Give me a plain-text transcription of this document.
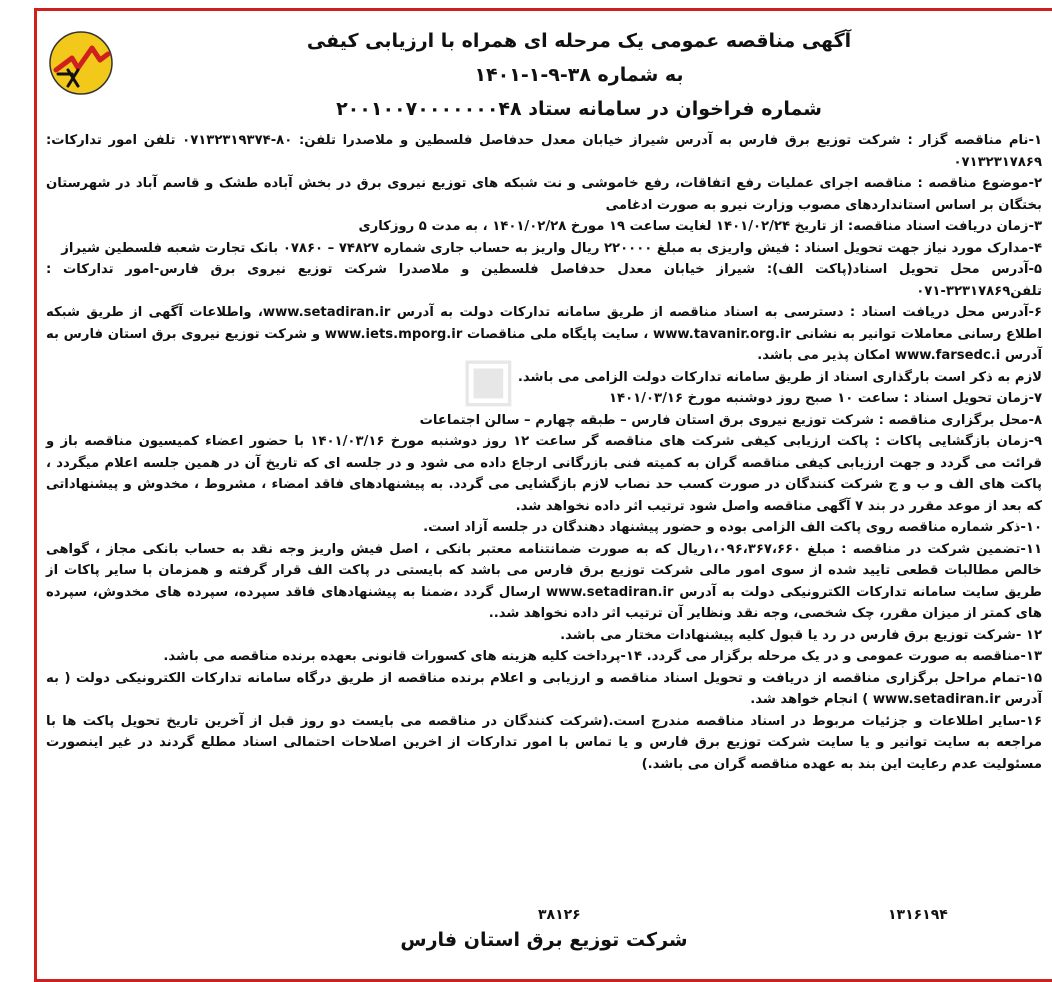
آگهی مناقصه عمومی یک مرحله ای همراه با ارزیابی کیفی
به شماره ۳۸-۹-۱-۱۴۰۱
شماره فراخوان در سامانه ستاد ۲۰۰۱۰۰۷۰۰۰۰۰۰۰۴۸
▣

۱-نام مناقصه گزار : شرکت توزیع برق فارس به آدرس شیراز خیابان معدل حدفاصل فلسطین و ملاصدرا تلفن: ۸۰-۰۷۱۳۲۳۱۹۳۷۴ تلفن امور تدارکات: ۰۷۱۳۲۳۱۷۸۶۹

۲-موضوع مناقصه : مناقصه اجرای عملیات رفع اتفاقات، رفع خاموشی و نت شبکه های توزیع نیروی برق در بخش آباده طشک و قاسم آباد در شهرستان بختگان بر اساس استانداردهای مصوب وزارت نیرو به صورت ادغامی

۳-زمان دریافت اسناد مناقصه: از تاریخ ۱۴۰۱/۰۲/۲۴ لغایت ساعت ۱۹ مورخ ۱۴۰۱/۰۲/۲۸ ، به مدت ۵ روزکاری

۴-مدارک مورد نیاز جهت تحویل اسناد : فیش واریزی به مبلغ ۲۲۰۰۰۰ ریال واریز به حساب جاری شماره ۷۴۸۲۷ – ۰۷۸۶۰ بانک تجارت شعبه فلسطین شیراز

۵-آدرس محل تحویل اسناد(پاکت الف): شیراز خیابان معدل حدفاصل فلسطین و ملاصدرا شرکت توزیع نیروی برق فارس-امور تدارکات : تلفن۳۲۳۱۷۸۶۹-۰۷۱

۶-آدرس محل دریافت اسناد : دسترسی به اسناد مناقصه از طریق سامانه تدارکات دولت به آدرس www.setadiran.ir، واطلاعات آگهی از طریق شبکه اطلاع رسانی معاملات توانیر به نشانی www.tavanir.org.ir ، سایت پایگاه ملی مناقصات www.iets.mporg.ir و شرکت توزیع نیروی برق استان فارس به آدرس www.farsedc.i امکان پذیر می باشد.

لازم به ذکر است بارگذاری اسناد از طریق سامانه تدارکات دولت الزامی می باشد.

۷-زمان تحویل اسناد : ساعت ۱۰ صبح روز دوشنبه مورخ ۱۴۰۱/۰۳/۱۶

۸-محل برگزاری مناقصه : شرکت توزیع نیروی برق استان فارس – طبقه چهارم – سالن اجتماعات

۹-زمان بازگشایی پاکات : پاکت ارزیابی کیفی شرکت های مناقصه گر ساعت ۱۲ روز دوشنبه مورخ ۱۴۰۱/۰۳/۱۶ با حضور اعضاء کمیسیون مناقصه باز و قرائت می گردد و جهت ارزیابی کیفی مناقصه گران به کمیته فنی بازرگانی ارجاع داده می شود و در جلسه ای که تاریخ آن در همین جلسه اعلام میگردد ، پاکت های الف و ب و ج شرکت کنندگان در صورت کسب حد نصاب لازم بازگشایی می گردد. به پیشنهادهای فاقد امضاء ، مشروط ، مخدوش و پیشنهاداتی که بعد از موعد مقرر در بند ۷ آگهی مناقصه واصل شود ترتیب اثر داده نخواهد شد.

۱۰-ذکر شماره مناقصه روی پاکت الف الزامی بوده و حضور پیشنهاد دهندگان در جلسه آزاد است.

۱۱-تضمین شرکت در مناقصه : مبلغ ۱،۰۹۶،۳۶۷،۶۶۰ریال که به صورت ضمانتنامه معتبر بانکی ، اصل فیش واریز وجه نقد به حساب بانکی مجاز ، گواهی خالص مطالبات قطعی تایید شده از سوی امور مالی شرکت توزیع برق فارس می باشد که بایستی در پاکت الف قرار گرفته و همزمان با سایر پاکات از طریق سایت سامانه تدارکات الکترونیکی دولت به آدرس www.setadiran.ir ارسال گردد ،ضمنا به پیشنهادهای فاقد سپرده، سپرده های مخدوش، سپرده های کمتر از میزان مقرر، چک شخصی، وجه نقد ونظایر آن ترتیب اثر داده نخواهد شد..

۱۲ -شرکت توزیع برق فارس در رد یا قبول کلیه پیشنهادات مختار می باشد.

۱۳-مناقصه به صورت عمومی و در یک مرحله برگزار می گردد. ۱۴-پرداخت کلیه هزینه های کسورات قانونی بعهده برنده مناقصه می باشد.

۱۵-تمام مراحل برگزاری مناقصه از دریافت و تحویل اسناد مناقصه و ارزیابی و اعلام برنده مناقصه از طریق درگاه سامانه تدارکات الکترونیکی دولت ( به آدرس www.setadiran.ir ) انجام خواهد شد.

۱۶-سایر اطلاعات و جزئیات مربوط در اسناد مناقصه مندرج است.(شرکت کنندگان در مناقصه می بایست دو روز قبل از آخرین تاریخ تحویل پاکت ها با مراجعه به سایت توانیر و یا سایت شرکت توزیع برق فارس و یا تماس با امور تدارکات از اخرین اصلاحات احتمالی اسناد مطلع گردند در غیر اینصورت مسئولیت عدم رعایت این بند به عهده مناقصه گران می باشد.)

۳۸۱۲۶	۱۳۱۶۱۹۴
شرکت توزیع برق استان فارس
